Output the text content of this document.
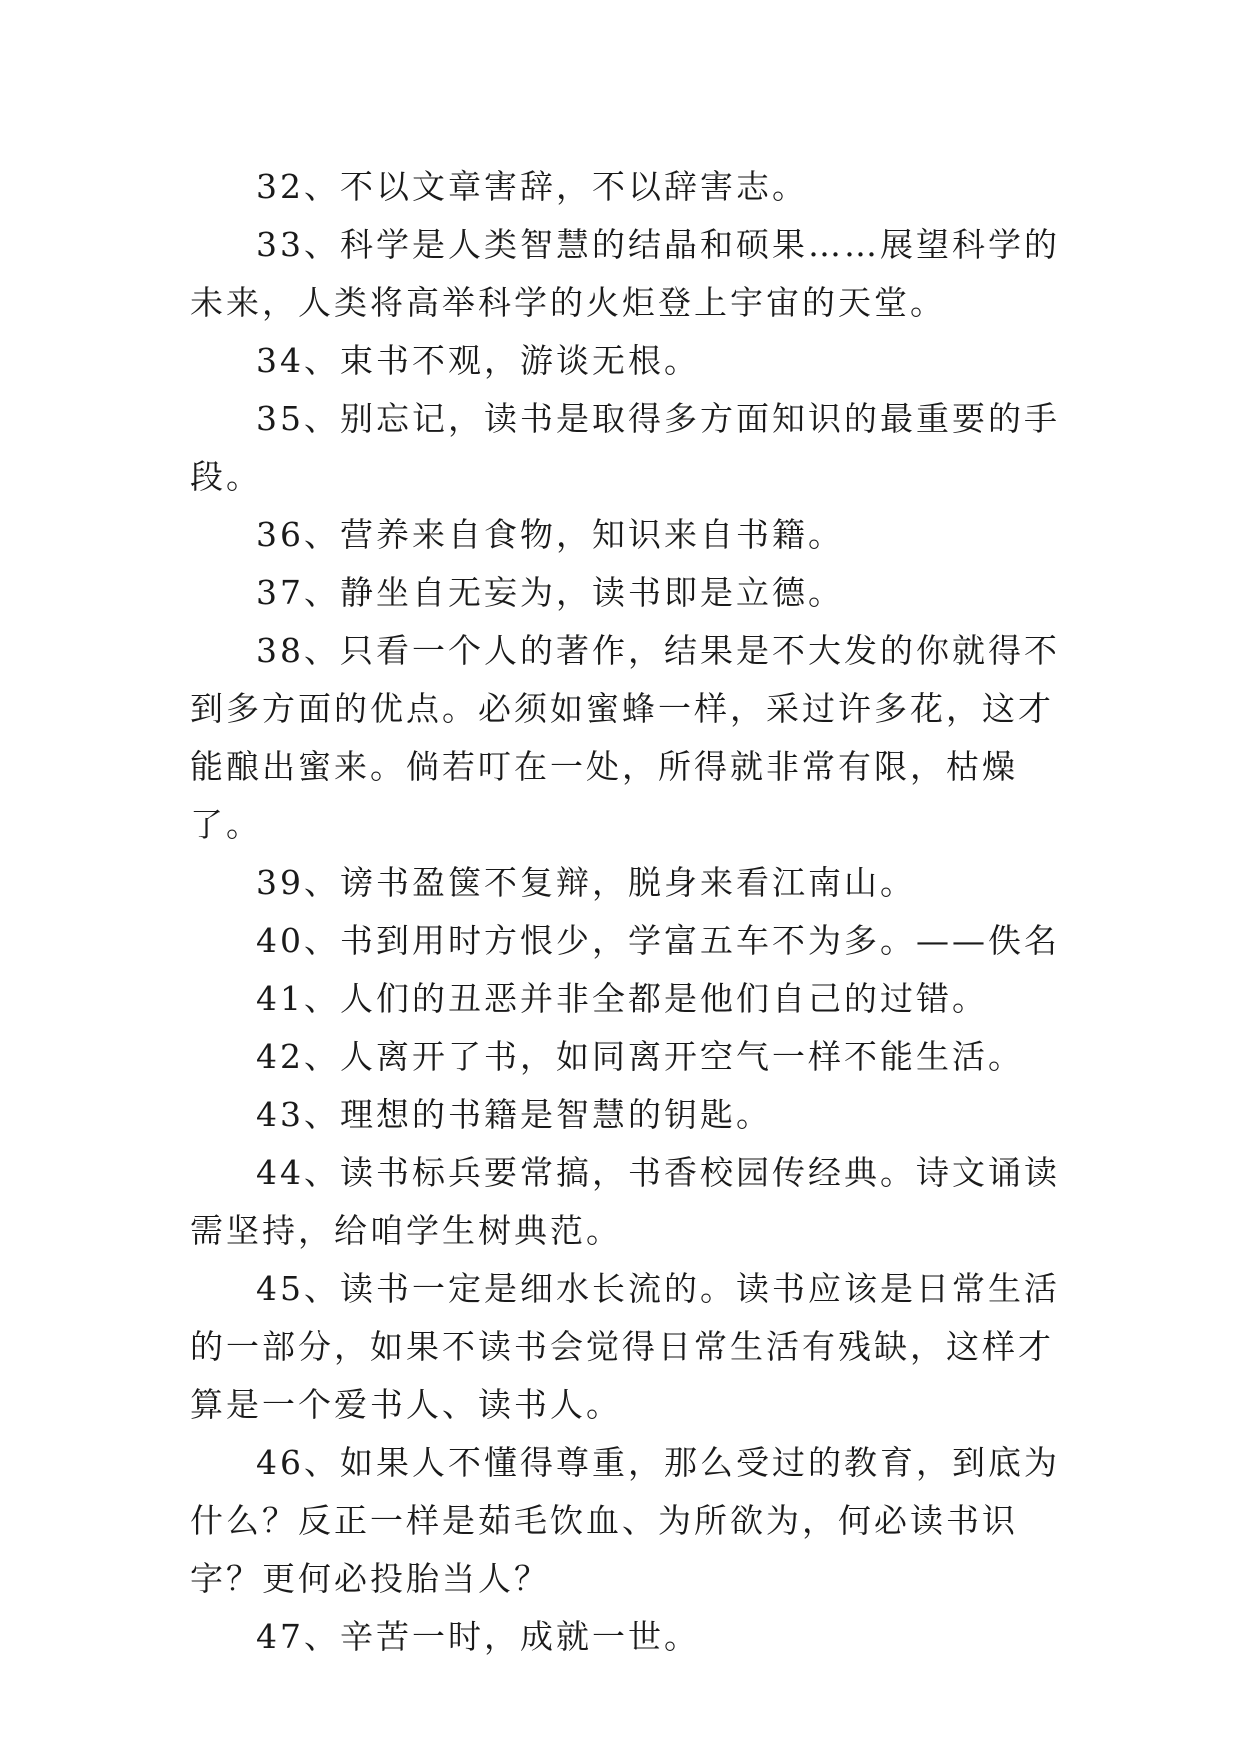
32、不以文章害辞，不以辞害志。

33、科学是人类智慧的结晶和硕果……展望科学的未来，人类将高举科学的火炬登上宇宙的天堂。

34、束书不观，游谈无根。

35、别忘记，读书是取得多方面知识的最重要的手段。

36、营养来自食物，知识来自书籍。

37、静坐自无妄为，读书即是立德。

38、只看一个人的著作，结果是不大发的你就得不到多方面的优点。必须如蜜蜂一样，采过许多花，这才能酿出蜜来。倘若叮在一处，所得就非常有限，枯燥了。

39、谤书盈箧不复辩，脱身来看江南山。

40、书到用时方恨少，学富五车不为多。——佚名

41、人们的丑恶并非全都是他们自己的过错。

42、人离开了书，如同离开空气一样不能生活。

43、理想的书籍是智慧的钥匙。

44、读书标兵要常搞，书香校园传经典。诗文诵读需坚持，给咱学生树典范。

45、读书一定是细水长流的。读书应该是日常生活的一部分，如果不读书会觉得日常生活有残缺，这样才算是一个爱书人、读书人。

46、如果人不懂得尊重，那么受过的教育，到底为什么？反正一样是茹毛饮血、为所欲为，何必读书识字？更何必投胎当人？

47、辛苦一时，成就一世。
